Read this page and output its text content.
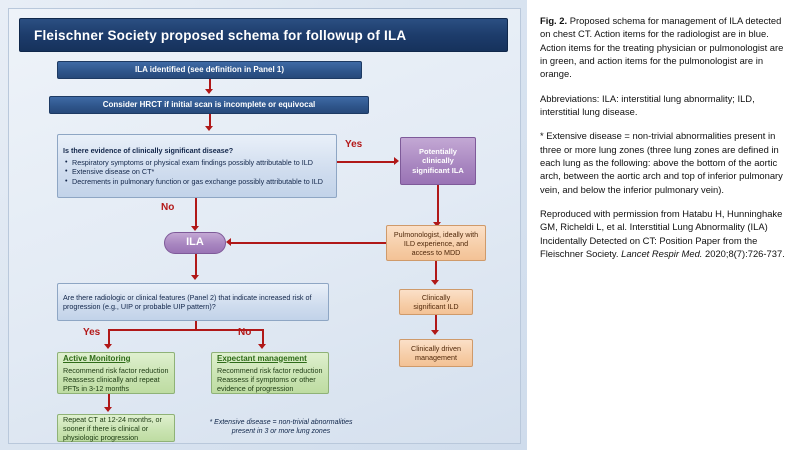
Fleischner Society proposed schema for followup of ILA
ILA identified (see definition in Panel 1)
Consider HRCT if initial scan is incomplete or equivocal
Is there evidence of clinically significant disease?
• Respiratory symptoms or physical exam findings possibly attributable to ILD
• Extensive disease on CT*
• Decrements in pulmonary function or gas exchange possibly attributable to ILD
Yes
Potentially clinically significant ILA
No
ILA
Pulmonologist, ideally with ILD experience, and access to MDD
Clinically significant ILD
Clinically driven management
Are there radiologic or clinical features (Panel 2) that indicate increased risk of progression (e.g., UIP or probable UIP pattern)?
Yes	No
Active Monitoring
Recommend risk factor reduction
Reassess clinically and repeat PFTs in 3-12 months
Expectant management
Recommend risk factor reduction
Reassess if symptoms or other evidence of progression
Repeat CT at 12-24 months, or sooner if there is clinical or physiologic progression
* Extensive disease = non-trivial abnormalities present in 3 or more lung zones

Fig. 2. Proposed schema for management of ILA detected on chest CT. Action items for the radiologist are in blue. Action items for the treating physician or pulmonologist are in green, and action items for the pulmonologist are in orange.

Abbreviations: ILA: interstitial lung abnormality; ILD, interstitial lung disease.

* Extensive disease = non-trivial abnormalities present in three or more lung zones (three lung zones are defined in each lung as the following: above the bottom of the aortic arch, between the aortic arch and top of inferior pulmonary vein, and below the inferior pulmonary vein).

Reproduced with permission from Hatabu H, Hunninghake GM, Richeldi L, et al. Interstitial Lung Abnormality (ILA) Incidentally Detected on CT: Position Paper from the Fleischner Society. Lancet Respir Med. 2020;8(7):726-737.
